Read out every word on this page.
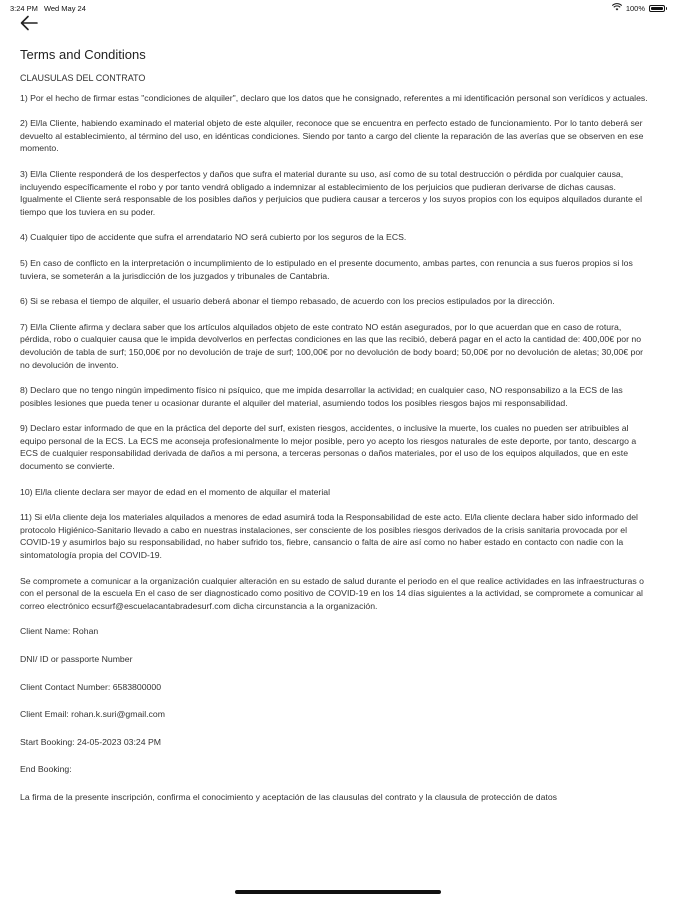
3:24 PM Wed May 24	100%
Terms and Conditions
CLAUSULAS DEL CONTRATO

1) Por el hecho de firmar estas "condiciones de alquiler", declaro que los datos que he consignado, referentes a mi identificación personal son verídicos y actuales.

2) El/la Cliente, habiendo examinado el material objeto de este alquiler, reconoce que se encuentra en perfecto estado de funcionamiento. Por lo tanto deberá ser devuelto al establecimiento, al término del uso, en idénticas condiciones. Siendo por tanto a cargo del cliente la reparación de las averías que se observen en ese momento.

3) El/la Cliente responderá de los desperfectos y daños que sufra el material durante su uso, así como de su total destrucción o pérdida por cualquier causa, incluyendo específicamente el robo y por tanto vendrá obligado a indemnizar al establecimiento de los perjuicios que pudieran derivarse de dichas causas. Igualmente el Cliente será responsable de los posibles daños y perjuicios que pudiera causar a terceros y los suyos propios con los equipos alquilados durante el tiempo que los tuviera en su poder.

4) Cualquier tipo de accidente que sufra el arrendatario NO será cubierto por los seguros de la ECS.

5) En caso de conflicto en la interpretación o incumplimiento de lo estipulado en el presente documento, ambas partes, con renuncia a sus fueros propios si los tuviera, se someterán a la jurisdicción de los juzgados y tribunales de Cantabria.

6) Si se rebasa el tiempo de alquiler, el usuario deberá abonar el tiempo rebasado, de acuerdo con los precios estipulados por la dirección.

7) El/la Cliente afirma y declara saber que los artículos alquilados objeto de este contrato NO están asegurados, por lo que acuerdan que en caso de rotura, pérdida, robo o cualquier causa que le impida devolverlos en perfectas condiciones en las que las recibió, deberá pagar en el acto la cantidad de: 400,00€ por no devolución de tabla de surf; 150,00€ por no devolución de traje de surf; 100,00€ por no devolución de body board; 50,00€ por no devolución de aletas; 30,00€ por no devolución de invento.

8) Declaro que no tengo ningún impedimento físico ni psíquico, que me impida desarrollar la actividad; en cualquier caso, NO responsabilizo a la ECS de las posibles lesiones que pueda tener u ocasionar durante el alquiler del material, asumiendo todos los posibles riesgos bajos mi responsabilidad.

9) Declaro estar informado de que en la práctica del deporte del surf, existen riesgos, accidentes, o inclusive la muerte, los cuales no pueden ser atribuibles al equipo personal de la ECS. La ECS me aconseja profesionalmente lo mejor posible, pero yo acepto los riesgos naturales de este deporte, por tanto, descargo a ECS de cualquier responsabilidad derivada de daños a mi persona, a terceras personas o daños materiales, por el uso de los equipos alquilados, que en este documento se convierte.

10) El/la cliente declara ser mayor de edad en el momento de alquilar el material

11) Si el/la cliente deja los materiales alquilados a menores de edad asumirá toda la Responsabilidad de este acto. El/la cliente declara haber sido informado del protocolo Higiénico-Sanitario llevado a cabo en nuestras instalaciones, ser consciente de los posibles riesgos derivados de la crisis sanitaria provocada por el COVID-19 y asumirlos bajo su responsabilidad, no haber sufrido tos, fiebre, cansancio o falta de aire así como no haber estado en contacto con nadie con la sintomatología propia del COVID-19.

Se compromete a comunicar a la organización cualquier alteración en su estado de salud durante el periodo en el que realice actividades en las infraestructuras o con el personal de la escuela En el caso de ser diagnosticado como positivo de COVID-19 en los 14 días siguientes a la actividad, se compromete a comunicar al correo electrónico ecsurf@escuelacantabradesurf.com dicha circunstancia a la organización.

Client Name: Rohan

DNI/ ID or passporte Number

Client Contact Number: 6583800000

Client Email: rohan.k.suri@gmail.com

Start Booking: 24-05-2023 03:24 PM

End Booking:

La firma de la presente inscripción, confirma el conocimiento y aceptación de las clausulas del contrato y la clausula de protección de datos
